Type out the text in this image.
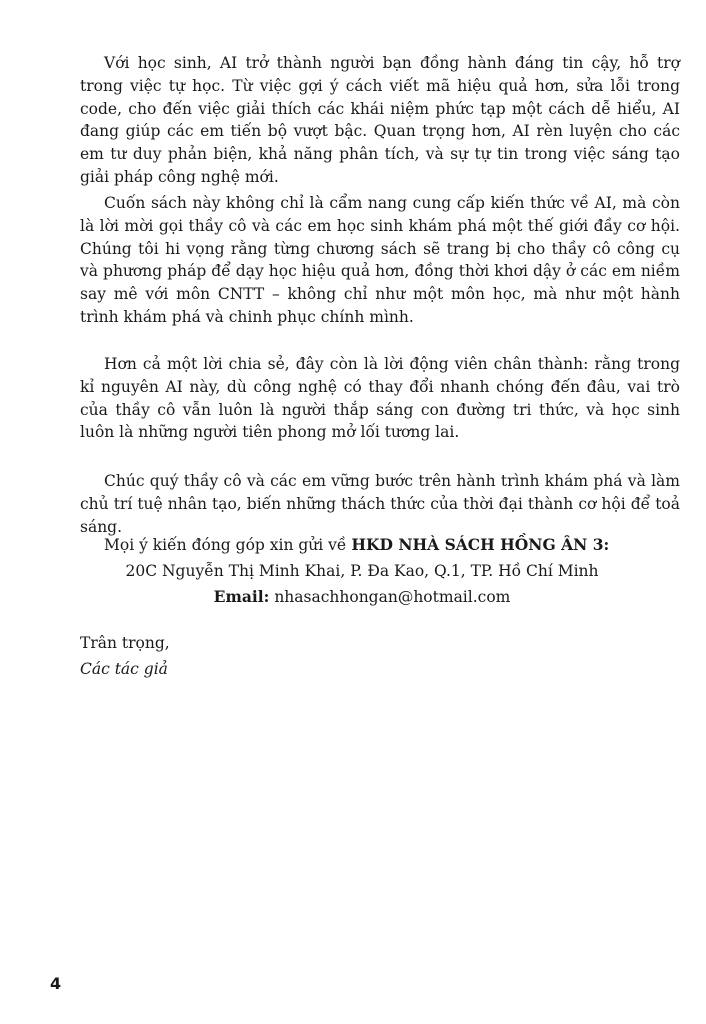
Với học sinh, AI trở thành người bạn đồng hành đáng tin cậy, hỗ trợ trong việc tự học. Từ việc gợi ý cách viết mã hiệu quả hơn, sửa lỗi trong code, cho đến việc giải thích các khái niệm phức tạp một cách dễ hiểu, AI đang giúp các em tiến bộ vượt bậc. Quan trọng hơn, AI rèn luyện cho các em tư duy phản biện, khả năng phân tích, và sự tự tin trong việc sáng tạo giải pháp công nghệ mới.

Cuốn sách này không chỉ là cẩm nang cung cấp kiến thức về AI, mà còn là lời mời gọi thầy cô và các em học sinh khám phá một thế giới đầy cơ hội. Chúng tôi hi vọng rằng từng chương sách sẽ trang bị cho thầy cô công cụ và phương pháp để dạy học hiệu quả hơn, đồng thời khơi dậy ở các em niềm say mê với môn CNTT – không chỉ như một môn học, mà như một hành trình khám phá và chinh phục chính mình.

Hơn cả một lời chia sẻ, đây còn là lời động viên chân thành: rằng trong kỉ nguyên AI này, dù công nghệ có thay đổi nhanh chóng đến đâu, vai trò của thầy cô vẫn luôn là người thắp sáng con đường tri thức, và học sinh luôn là những người tiên phong mở lối tương lai.

Chúc quý thầy cô và các em vững bước trên hành trình khám phá và làm chủ trí tuệ nhân tạo, biến những thách thức của thời đại thành cơ hội để toả sáng.

Mọi ý kiến đóng góp xin gửi về HKD NHÀ SÁCH HỒNG ÂN 3:

20C Nguyễn Thị Minh Khai, P. Đa Kao, Q.1, TP. Hồ Chí Minh

Email: nhasachhongan@hotmail.com

Trân trọng,

Các tác giả

4
